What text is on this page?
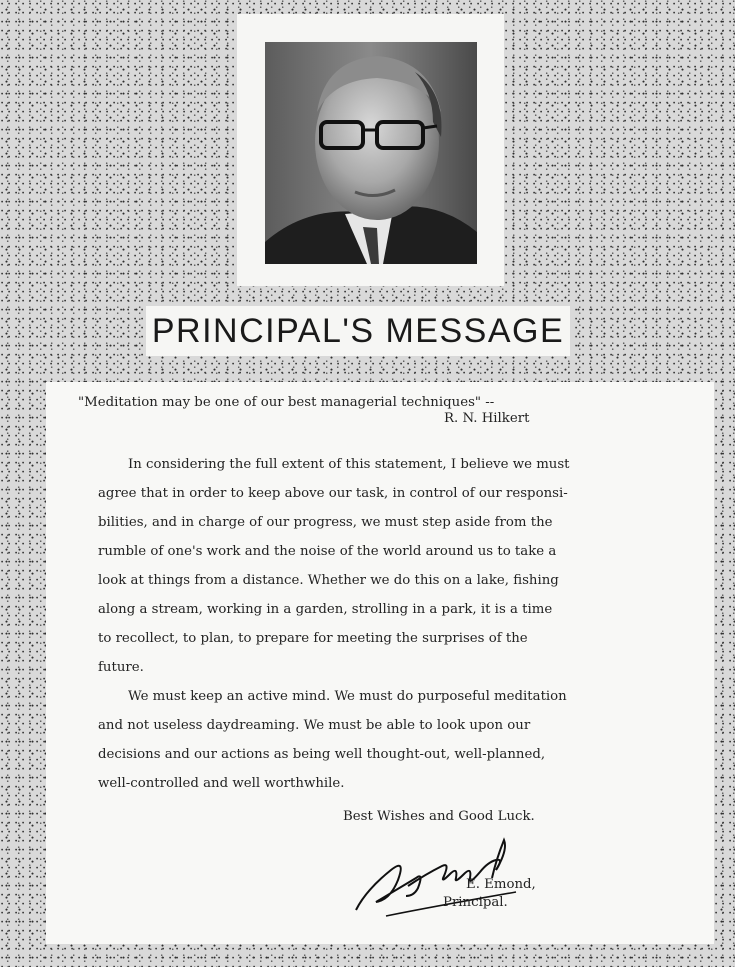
PRINCIPAL'S MESSAGE
"Meditation may be one of our best managerial techniques" --
R. N. Hilkert
In considering the full extent of this statement, I believe we must
agree that in order to keep above our task, in control of our responsi-
bilities, and in charge of our progress, we must step aside from the
rumble of one's work and the noise of the world around us to take a
look at things from a distance. Whether we do this on a lake, fishing
along a stream, working in a garden, strolling in a park, it is a time
to recollect, to plan, to prepare for meeting the surprises of the
future.
We must keep an active mind. We must do purposeful meditation
and not useless daydreaming. We must be able to look upon our
decisions and our actions as being well thought-out, well-planned,
well-controlled and well worthwhile.
Best Wishes and Good Luck.
E. Emond,
Principal.
